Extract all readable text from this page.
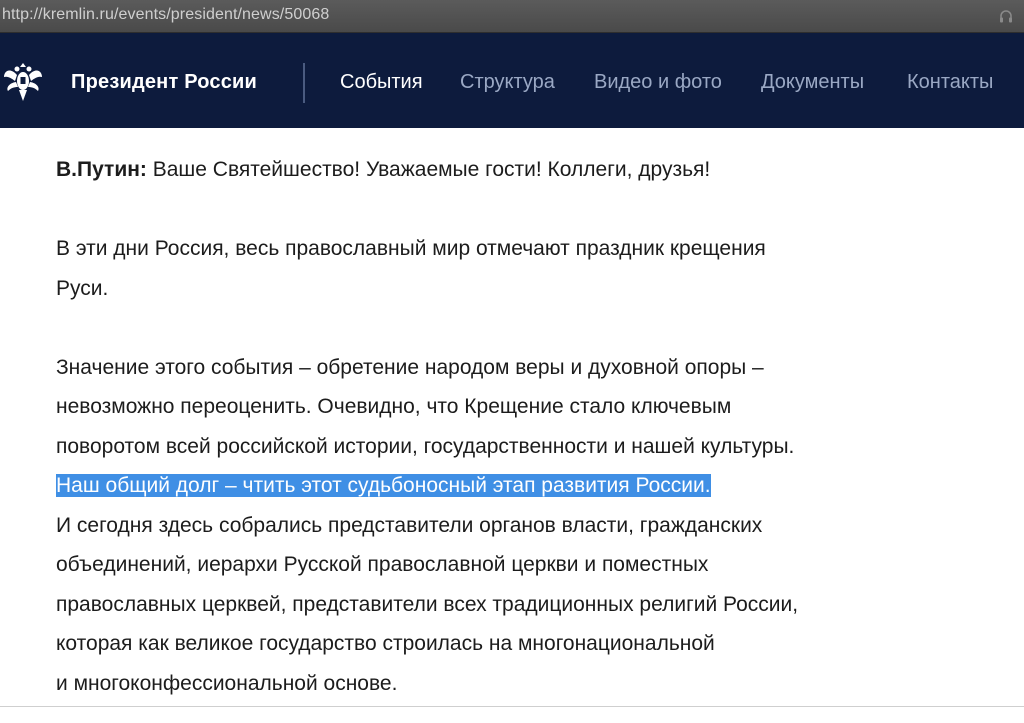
http://kremlin.ru/events/president/news/50068
Президент России	События Структура Видео и фото Документы Контакты
В.Путин: Ваше Святейшество! Уважаемые гости! Коллеги, друзья!
В эти дни Россия, весь православный мир отмечают праздник крещения
Руси.
Значение этого события – обретение народом веры и духовной опоры –
невозможно переоценить. Очевидно, что Крещение стало ключевым
поворотом всей российской истории, государственности и нашей культуры.
Наш общий долг – чтить этот судьбоносный этап развития России.
И сегодня здесь собрались представители органов власти, гражданских
объединений, иерархи Русской православной церкви и поместных
православных церквей, представители всех традиционных религий России,
которая как великое государство строилась на многонациональной
и многоконфессиональной основе.
